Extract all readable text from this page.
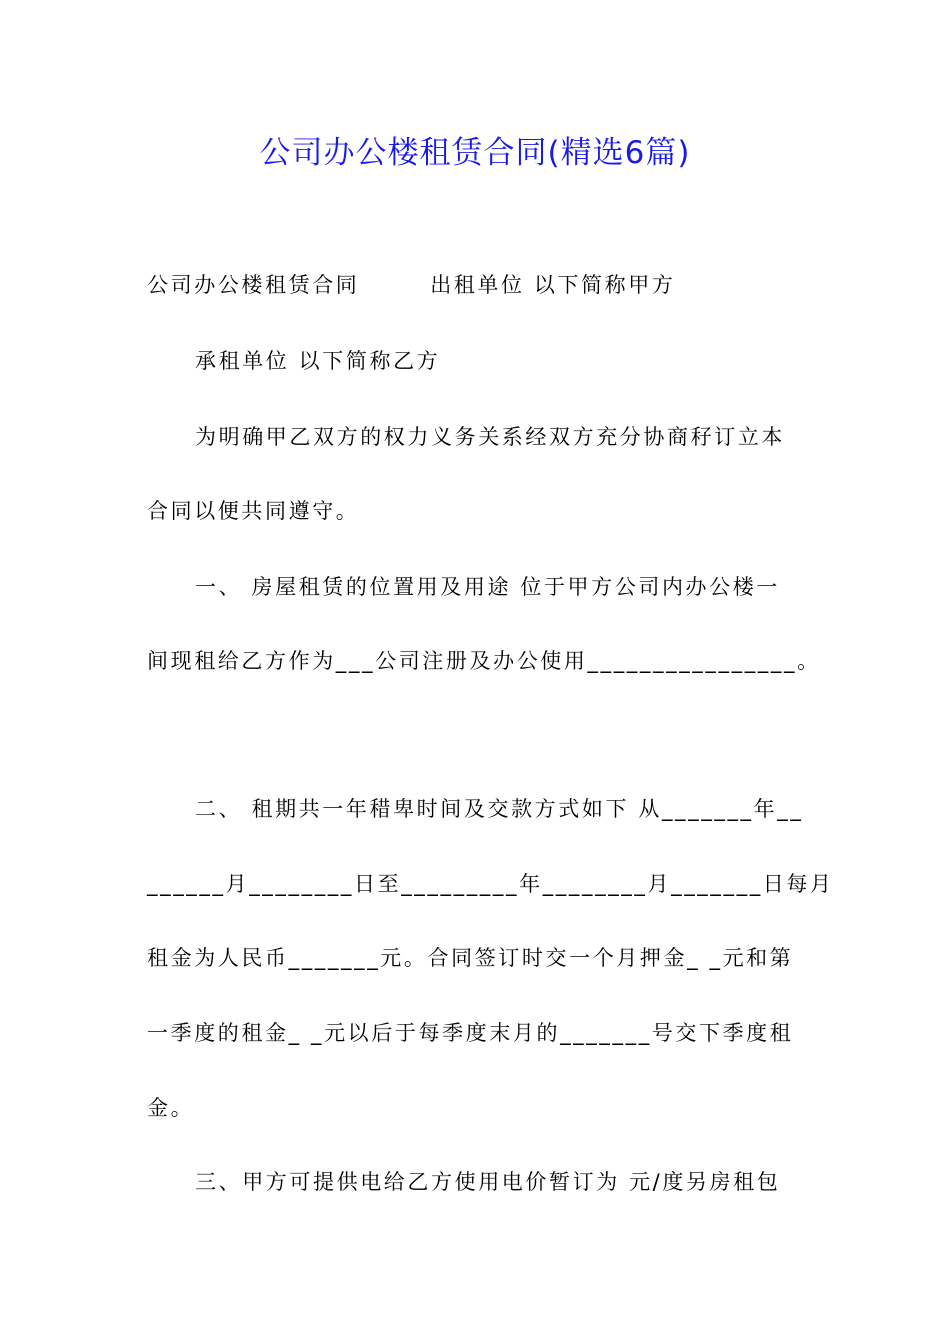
公司办公楼租赁合同(精选6篇)
公司办公楼租赁合同　　　出租单位 以下简称甲方
承租单位 以下简称乙方
为明确甲乙双方的权力义务关系经双方充分协商秄订立本
合同以便共同遵守。
一、 房屋租赁的位置用及用途 位于甲方公司内办公楼一
间现租给乙方作为___公司注册及办公使用________________。
二、 租期共一年稓卑时间及交款方式如下 从_______年__
______月________日至_________年________月_______日每月
租金为人民币_______元。合同签订时交一个月押金_ _元和第
一季度的租金_ _元以后于每季度末月的_______号交下季度租
金。
三、甲方可提供电给乙方使用电价暂订为 元/度另房租包
